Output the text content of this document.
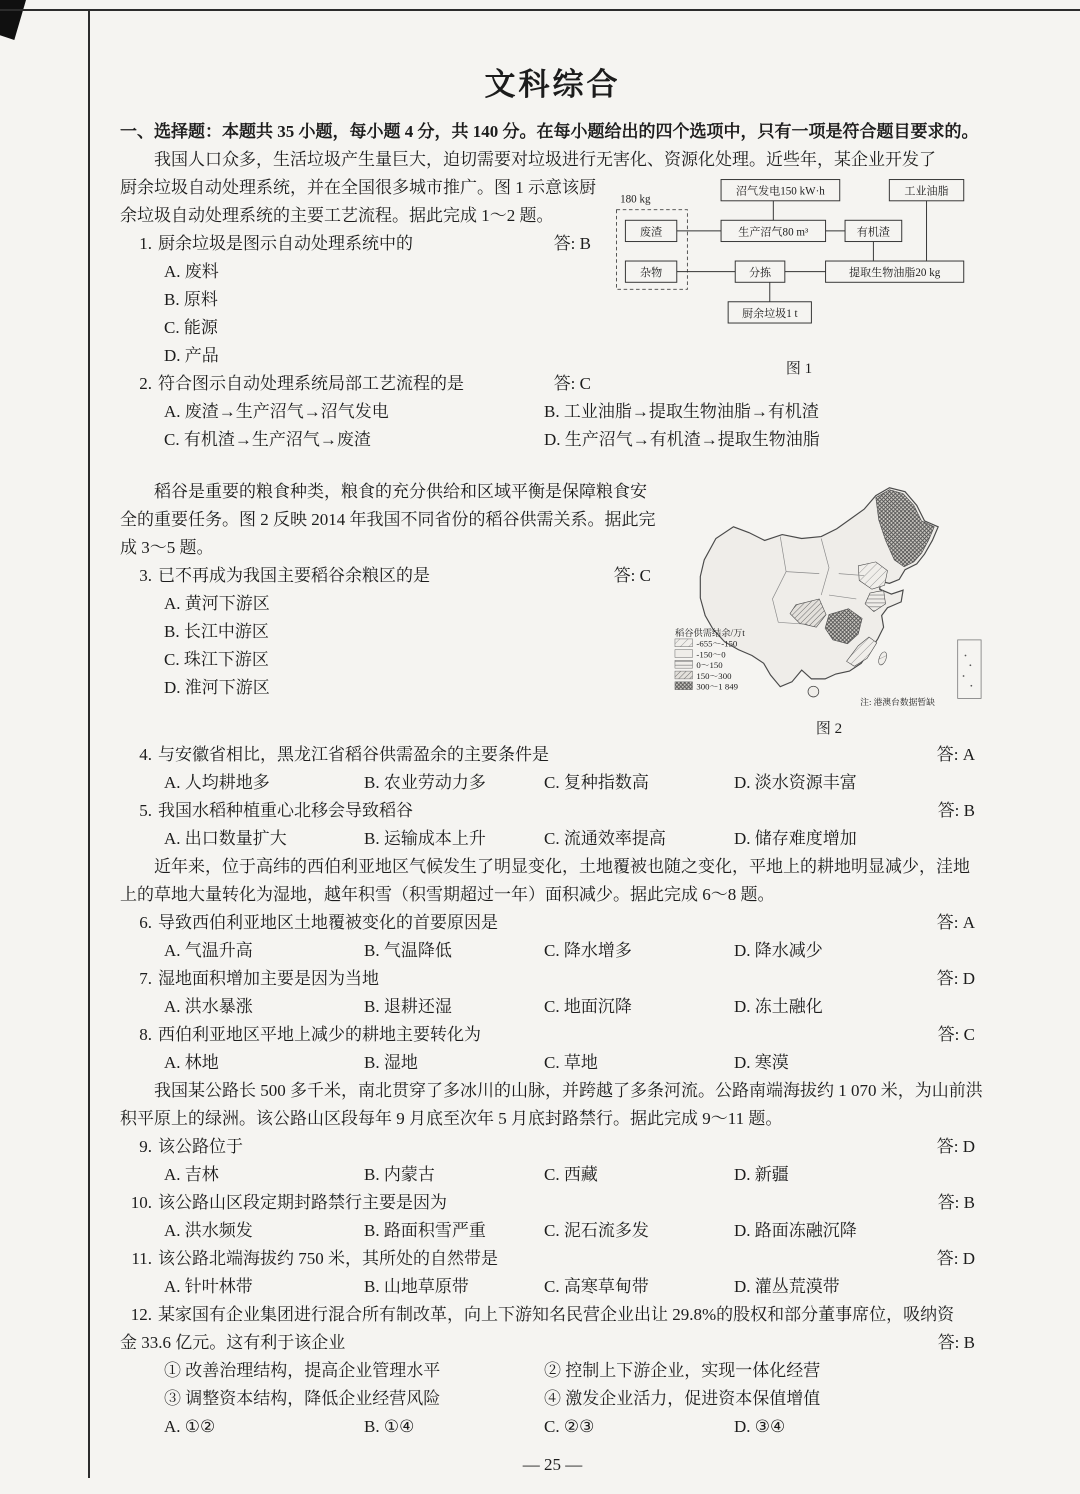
文科综合
一、选择题：本题共 35 小题，每小题 4 分，共 140 分。在每小题给出的四个选项中，只有一项是符合题目要求的。
我国人口众多，生活垃圾产生量巨大，迫切需要对垃圾进行无害化、资源化处理。近些年，某企业开发了
180 kg
沼气发电150 kW·h	工业油脂
废渣	生产沼气80 m³	有机渣
杂物	分拣	提取生物油脂20 kg
厨余垃圾1 t
图 1
厨余垃圾自动处理系统，并在全国很多城市推广。图 1 示意该厨余垃圾自动处理系统的主要工艺流程。据此完成 1～2 题。
1. 厨余垃圾是图示自动处理系统中的	答: B
A. 废料
B. 原料
C. 能源
D. 产品
2. 符合图示自动处理系统局部工艺流程的是	答: C
A. 废渣→生产沼气→沼气发电	B. 工业油脂→提取生物油脂→有机渣
C. 有机渣→生产沼气→废渣	D. 生产沼气→有机渣→提取生物油脂
稻谷供需结余/万t
-655～-150
-150～0
0～150
150～300
300～1 849
注: 港澳台数据暂缺
图 2
稻谷是重要的粮食种类，粮食的充分供给和区域平衡是保障粮食安全的重要任务。图 2 反映 2014 年我国不同省份的稻谷供需关系。据此完成 3～5 题。
3. 已不再成为我国主要稻谷余粮区的是	答: C
A. 黄河下游区
B. 长江中游区
C. 珠江下游区
D. 淮河下游区
4. 与安徽省相比，黑龙江省稻谷供需盈余的主要条件是	答: A
A. 人均耕地多	B. 农业劳动力多	C. 复种指数高	D. 淡水资源丰富
5. 我国水稻种植重心北移会导致稻谷	答: B
A. 出口数量扩大	B. 运输成本上升	C. 流通效率提高	D. 储存难度增加
近年来，位于高纬的西伯利亚地区气候发生了明显变化，土地覆被也随之变化，平地上的耕地明显减少，洼地上的草地大量转化为湿地，越年积雪（积雪期超过一年）面积减少。据此完成 6～8 题。
6. 导致西伯利亚地区土地覆被变化的首要原因是	答: A
A. 气温升高	B. 气温降低	C. 降水增多	D. 降水减少
7. 湿地面积增加主要是因为当地	答: D
A. 洪水暴涨	B. 退耕还湿	C. 地面沉降	D. 冻土融化
8. 西伯利亚地区平地上减少的耕地主要转化为	答: C
A. 林地	B. 湿地	C. 草地	D. 寒漠
我国某公路长 500 多千米，南北贯穿了多冰川的山脉，并跨越了多条河流。公路南端海拔约 1 070 米，为山前洪积平原上的绿洲。该公路山区段每年 9 月底至次年 5 月底封路禁行。据此完成 9～11 题。
9. 该公路位于	答: D
A. 吉林	B. 内蒙古	C. 西藏	D. 新疆
10. 该公路山区段定期封路禁行主要是因为	答: B
A. 洪水频发	B. 路面积雪严重	C. 泥石流多发	D. 路面冻融沉降
11. 该公路北端海拔约 750 米，其所处的自然带是	答: D
A. 针叶林带	B. 山地草原带	C. 高寒草甸带	D. 灌丛荒漠带
12. 某家国有企业集团进行混合所有制改革，向上下游知名民营企业出让 29.8%的股权和部分董事席位，吸纳资
金 33.6 亿元。这有利于该企业	答: B
① 改善治理结构，提高企业管理水平	② 控制上下游企业，实现一体化经营
③ 调整资本结构，降低企业经营风险	④ 激发企业活力，促进资本保值增值
A. ①②	B. ①④	C. ②③	D. ③④
— 25 —
